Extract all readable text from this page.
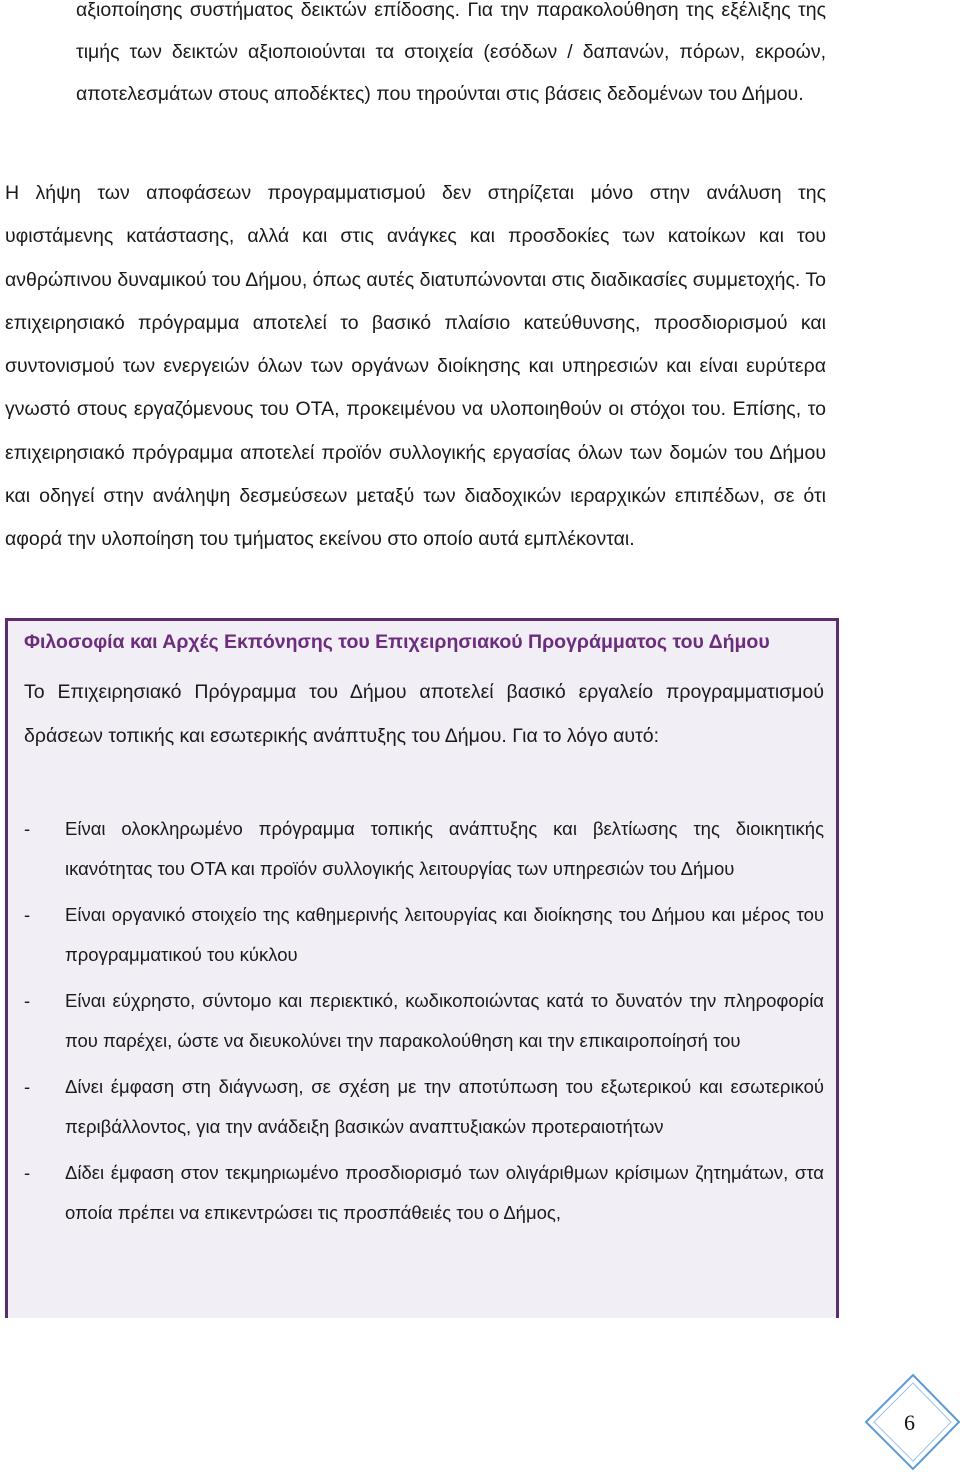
αξιοποίησης συστήματος δεικτών επίδοσης. Για την παρακολούθηση της εξέλιξης της τιμής των δεικτών αξιοποιούνται τα στοιχεία (εσόδων / δαπανών, πόρων, εκροών, αποτελεσμάτων στους αποδέκτες) που τηρούνται στις βάσεις δεδομένων του Δήμου.

Η λήψη των αποφάσεων προγραμματισμού δεν στηρίζεται μόνο στην ανάλυση της υφιστάμενης κατάστασης, αλλά και στις ανάγκες και προσδοκίες των κατοίκων και του ανθρώπινου δυναμικού του Δήμου, όπως αυτές διατυπώνονται στις διαδικασίες συμμετοχής. Το επιχειρησιακό πρόγραμμα αποτελεί το βασικό πλαίσιο κατεύθυνσης, προσδιορισμού και συντονισμού των ενεργειών όλων των οργάνων διοίκησης και υπηρεσιών και είναι ευρύτερα γνωστό στους εργαζόμενους του ΟΤΑ, προκειμένου να υλοποιηθούν οι στόχοι του. Επίσης, το επιχειρησιακό πρόγραμμα αποτελεί προϊόν συλλογικής εργασίας όλων των δομών του Δήμου και οδηγεί στην ανάληψη δεσμεύσεων μεταξύ των διαδοχικών ιεραρχικών επιπέδων, σε ότι αφορά την υλοποίηση του τμήματος εκείνου στο οποίο αυτά εμπλέκονται.

Φιλοσοφία και Αρχές Εκπόνησης του Επιχειρησιακού Προγράμματος του Δήμου

Το Επιχειρησιακό Πρόγραμμα του Δήμου αποτελεί βασικό εργαλείο προγραμματισμού δράσεων τοπικής και εσωτερικής ανάπτυξης του Δήμου. Για το λόγο αυτό:

- Είναι ολοκληρωμένο πρόγραμμα τοπικής ανάπτυξης και βελτίωσης της διοικητικής ικανότητας του ΟΤΑ και προϊόν συλλογικής λειτουργίας των υπηρεσιών του Δήμου
- Είναι οργανικό στοιχείο της καθημερινής λειτουργίας και διοίκησης του Δήμου και μέρος του προγραμματικού του κύκλου
- Είναι εύχρηστο, σύντομο και περιεκτικό, κωδικοποιώντας κατά το δυνατόν την πληροφορία που παρέχει, ώστε να διευκολύνει την παρακολούθηση και την επικαιροποίησή του
- Δίνει έμφαση στη διάγνωση, σε σχέση με την αποτύπωση του εξωτερικού και εσωτερικού περιβάλλοντος, για την ανάδειξη βασικών αναπτυξιακών προτεραιοτήτων
- Δίδει έμφαση στον τεκμηριωμένο προσδιορισμό των ολιγάριθμων κρίσιμων ζητημάτων, στα οποία πρέπει να επικεντρώσει τις προσπάθειές του ο Δήμος,
6
